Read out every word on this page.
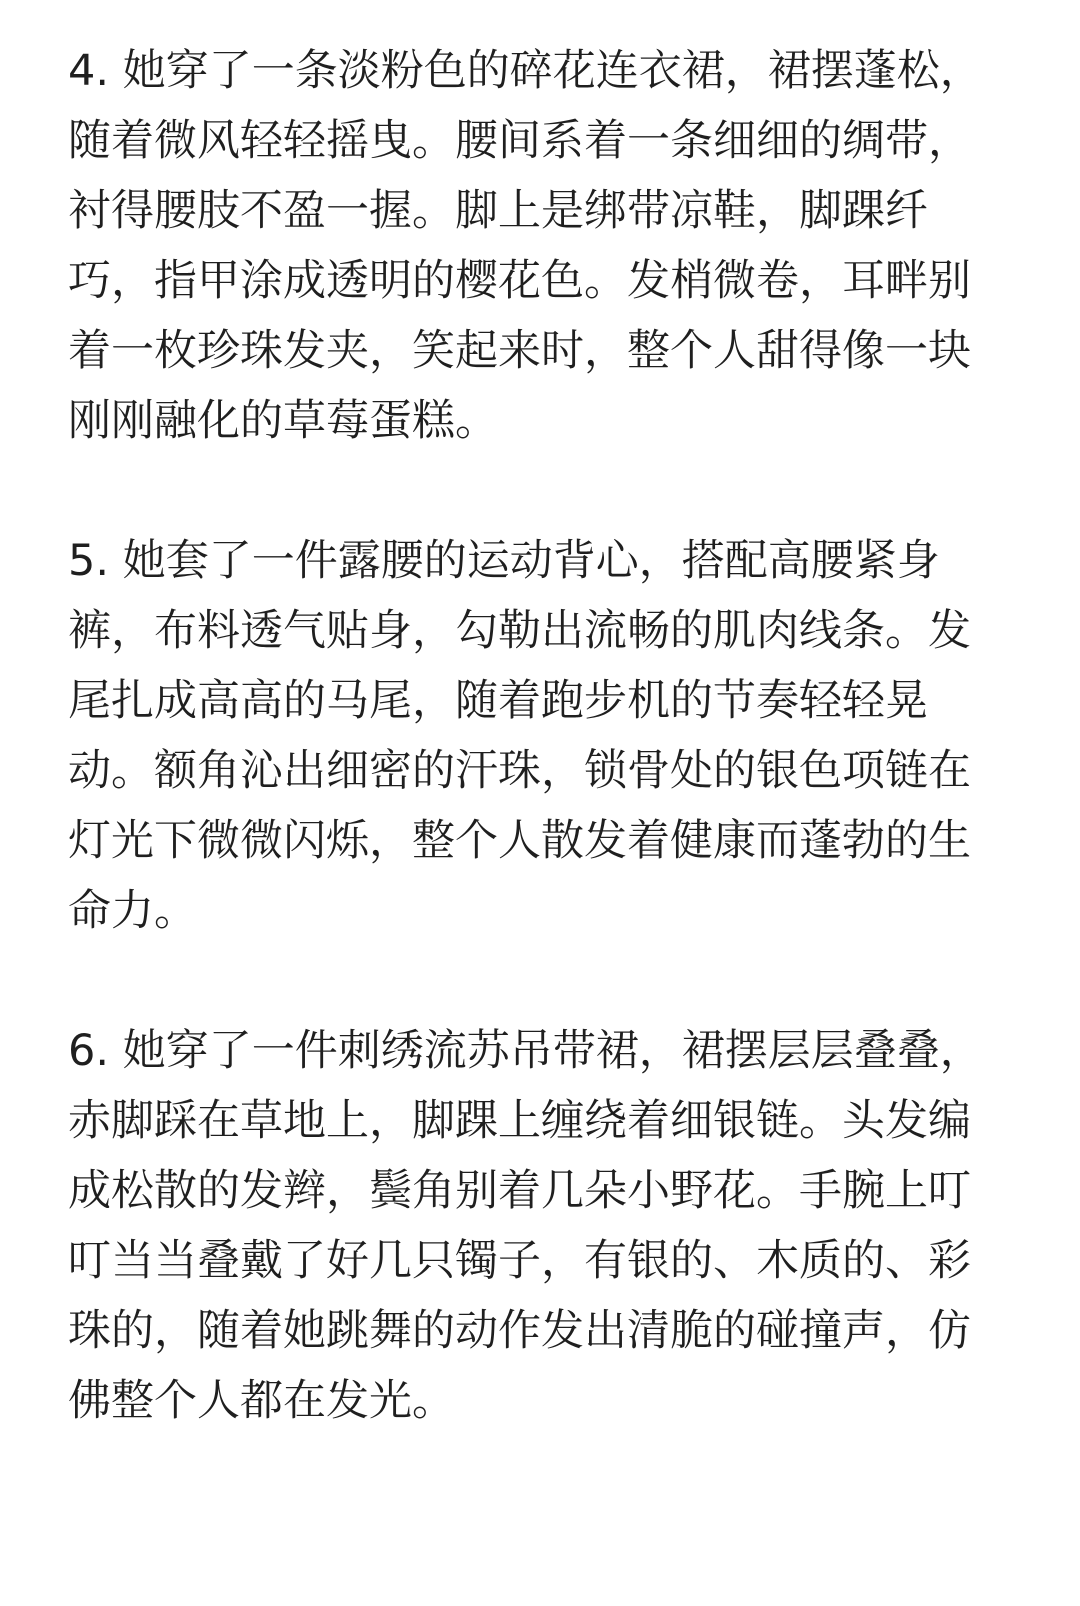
4. 她穿了一条淡粉色的碎花连衣裙，裙摆蓬松，
随着微风轻轻摇曳。腰间系着一条细细的绸带，
衬得腰肢不盈一握。脚上是绑带凉鞋，脚踝纤
巧，指甲涂成透明的樱花色。发梢微卷，耳畔别
着一枚珍珠发夹，笑起来时，整个人甜得像一块
刚刚融化的草莓蛋糕。

5. 她套了一件露腰的运动背心，搭配高腰紧身
裤，布料透气贴身，勾勒出流畅的肌肉线条。发
尾扎成高高的马尾，随着跑步机的节奏轻轻晃
动。额角沁出细密的汗珠，锁骨处的银色项链在
灯光下微微闪烁，整个人散发着健康而蓬勃的生
命力。

6. 她穿了一件刺绣流苏吊带裙，裙摆层层叠叠，
赤脚踩在草地上，脚踝上缠绕着细银链。头发编
成松散的发辫，鬓角别着几朵小野花。手腕上叮
叮当当叠戴了好几只镯子，有银的、木质的、彩
珠的，随着她跳舞的动作发出清脆的碰撞声，仿
佛整个人都在发光。
